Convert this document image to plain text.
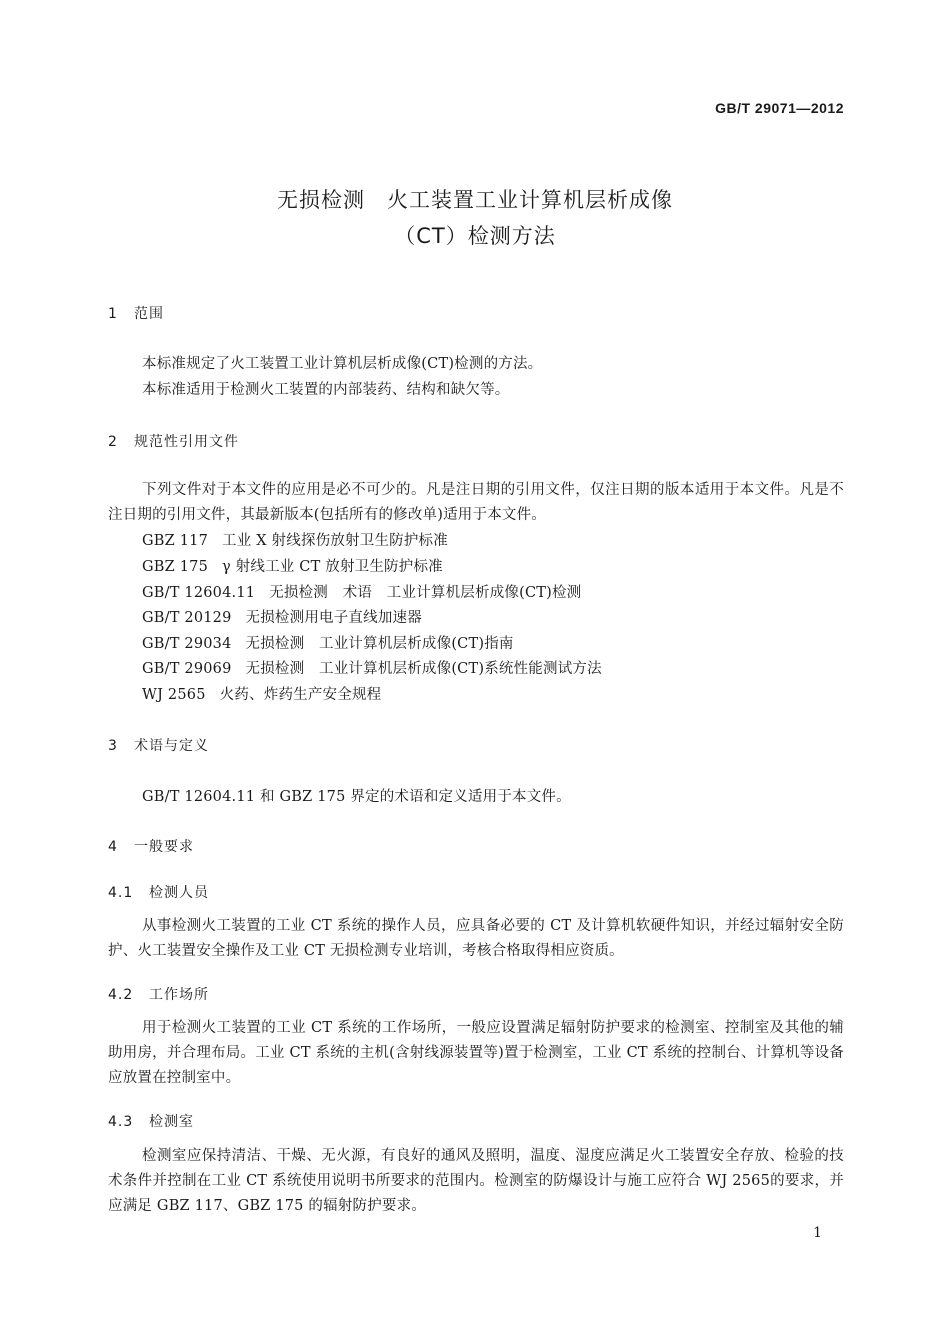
GB/T 29071—2012
无损检测　火工装置工业计算机层析成像
（CT）检测方法
1 范围
本标准规定了火工装置工业计算机层析成像(CT)检测的方法。
本标准适用于检测火工装置的内部装药、结构和缺欠等。
2 规范性引用文件
下列文件对于本文件的应用是必不可少的。凡是注日期的引用文件，仅注日期的版本适用于本文件。凡是不注日期的引用文件，其最新版本(包括所有的修改单)适用于本文件。
GBZ 117 工业 X 射线探伤放射卫生防护标准
GBZ 175 γ 射线工业 CT 放射卫生防护标准
GB/T 12604.11 无损检测　术语　工业计算机层析成像(CT)检测
GB/T 20129 无损检测用电子直线加速器
GB/T 29034 无损检测　工业计算机层析成像(CT)指南
GB/T 29069 无损检测　工业计算机层析成像(CT)系统性能测试方法
WJ 2565 火药、炸药生产安全规程
3 术语与定义
GB/T 12604.11 和 GBZ 175 界定的术语和定义适用于本文件。
4 一般要求
4.1 检测人员
从事检测火工装置的工业 CT 系统的操作人员，应具备必要的 CT 及计算机软硬件知识，并经过辐射安全防护、火工装置安全操作及工业 CT 无损检测专业培训，考核合格取得相应资质。
4.2 工作场所
用于检测火工装置的工业 CT 系统的工作场所，一般应设置满足辐射防护要求的检测室、控制室及其他的辅助用房，并合理布局。工业 CT 系统的主机(含射线源装置等)置于检测室，工业 CT 系统的控制台、计算机等设备应放置在控制室中。
4.3 检测室
检测室应保持清洁、干燥、无火源，有良好的通风及照明，温度、湿度应满足火工装置安全存放、检验的技术条件并控制在工业 CT 系统使用说明书所要求的范围内。检测室的防爆设计与施工应符合 WJ 2565的要求，并应满足 GBZ 117、GBZ 175 的辐射防护要求。
1
